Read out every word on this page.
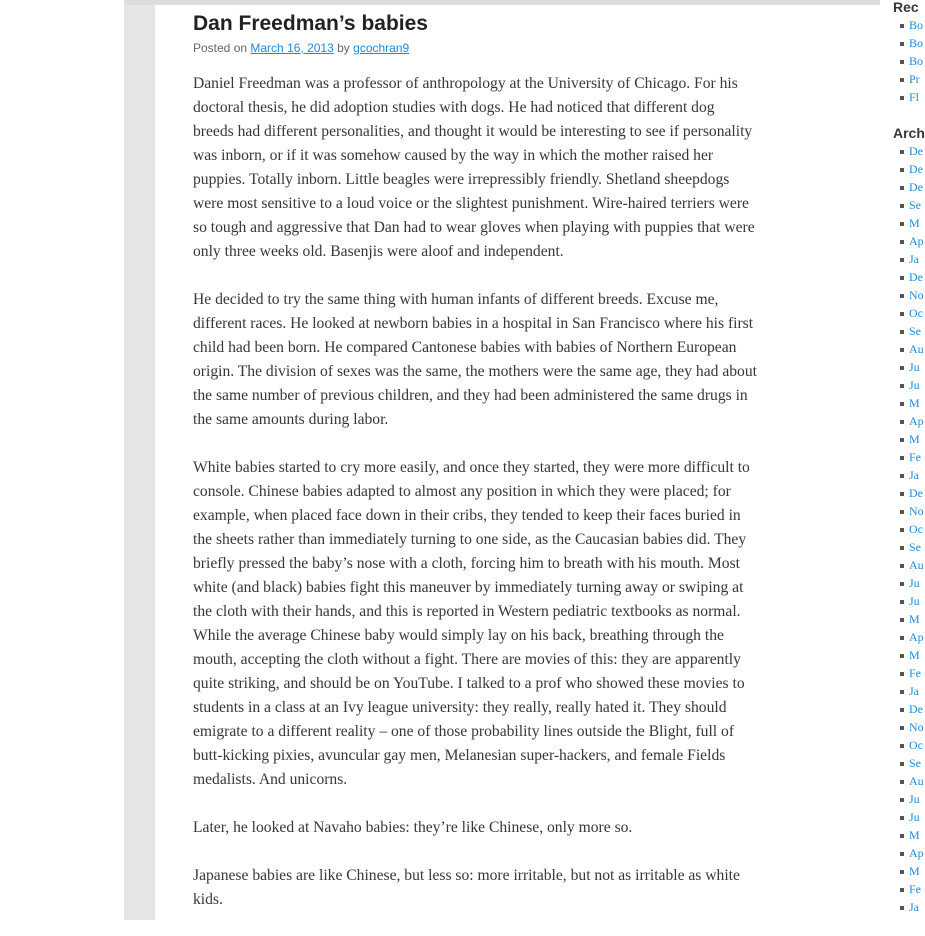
Dan Freedman’s babies
Posted on March 16, 2013 by gcochran9

Daniel Freedman was a professor of anthropology at the University of Chicago. For his
doctoral thesis, he did adoption studies with dogs. He had noticed that different dog
breeds had different personalities, and thought it would be interesting to see if personality
was inborn, or if it was somehow caused by the way in which the mother raised her
puppies. Totally inborn. Little beagles were irrepressibly friendly. Shetland sheepdogs
were most sensitive to a loud voice or the slightest punishment. Wire-haired terriers were
so tough and aggressive that Dan had to wear gloves when playing with puppies that were
only three weeks old. Basenjis were aloof and independent.

He decided to try the same thing with human infants of different breeds. Excuse me,
different races. He looked at newborn babies in a hospital in San Francisco where his first
child had been born. He compared Cantonese babies with babies of Northern European
origin. The division of sexes was the same, the mothers were the same age, they had about
the same number of previous children, and they had been administered the same drugs in
the same amounts during labor.

White babies started to cry more easily, and once they started, they were more difficult to
console. Chinese babies adapted to almost any position in which they were placed; for
example, when placed face down in their cribs, they tended to keep their faces buried in
the sheets rather than immediately turning to one side, as the Caucasian babies did. They
briefly pressed the baby’s nose with a cloth, forcing him to breath with his mouth. Most
white (and black) babies fight this maneuver by immediately turning away or swiping at
the cloth with their hands, and this is reported in Western pediatric textbooks as normal.
While the average Chinese baby would simply lay on his back, breathing through the
mouth, accepting the cloth without a fight. There are movies of this: they are apparently
quite striking, and should be on YouTube. I talked to a prof who showed these movies to
students in a class at an Ivy league university: they really, really hated it. They should
emigrate to a different reality – one of those probability lines outside the Blight, full of
butt-kicking pixies, avuncular gay men, Melanesian super-hackers, and female Fields
medalists. And unicorns.

Later, he looked at Navaho babies: they’re like Chinese, only more so.

Japanese babies are like Chinese, but less so: more irritable, but not as irritable as white
kids.

Rec
Bo
Bo
Bo
Pr
Fl
Arch
De
De
De
Se
M
Ap
Ja
De
No
Oc
Se
Au
Ju
Ju
M
Ap
M
Fe
Ja
De
No
Oc
Se
Au
Ju
Ju
M
Ap
M
Fe
Ja
De
No
Oc
Se
Au
Ju
Ju
M
Ap
M
Fe
Ja
